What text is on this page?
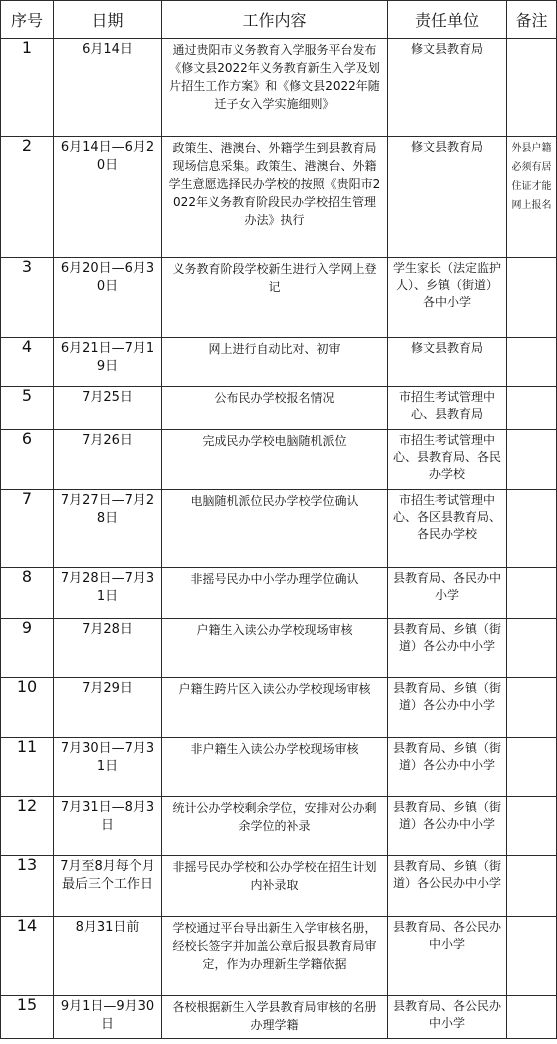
序号	日期	工作内容	责任单位	备注
1	6月14日	通过贵阳市义务教育入学服务平台发布《修文县2022年义务教育新生入学及划片招生工作方案》和《修文县2022年随迁子女入学实施细则》	修文县教育局	
2	6月14日—6月20日	政策生、港澳台、外籍学生到县教育局现场信息采集。政策生、港澳台、外籍学生意愿选择民办学校的按照《贵阳市2022年义务教育阶段民办学校招生管理办法》执行	修文县教育局	外县户籍必须有居住证才能网上报名
3	6月20日—6月30日	义务教育阶段学校新生进行入学网上登记	学生家长（法定监护人）、乡镇（街道）各中小学	
4	6月21日—7月19日	网上进行自动比对、初审	修文县教育局	
5	7月25日	公布民办学校报名情况	市招生考试管理中心、县教育局	
6	7月26日	完成民办学校电脑随机派位	市招生考试管理中心、县教育局、各民办学校	
7	7月27日—7月28日	电脑随机派位民办学校学位确认	市招生考试管理中心、各区县教育局、各民办学校	
8	7月28日—7月31日	非摇号民办中小学办理学位确认	县教育局、各民办中小学	
9	7月28日	户籍生入读公办学校现场审核	县教育局、乡镇（街道）各公办中小学	
10	7月29日	户籍生跨片区入读公办学校现场审核	县教育局、乡镇（街道）各公办中小学	
11	7月30日—7月31日	非户籍生入读公办学校现场审核	县教育局、乡镇（街道）各公办中小学	
12	7月31日—8月3日	统计公办学校剩余学位，安排对公办剩余学位的补录	县教育局、乡镇（街道）各公办中小学	
13	7月至8月每个月最后三个工作日	非摇号民办学校和公办学校在招生计划内补录取	县教育局、乡镇（街道）各公民办中小学	
14	8月31日前	学校通过平台导出新生入学审核名册，经校长签字并加盖公章后报县教育局审定，作为办理新生学籍依据	县教育局、各公民办中小学	
15	9月1日—9月30日	各校根据新生入学县教育局审核的名册办理学籍	县教育局、各公民办中小学	
